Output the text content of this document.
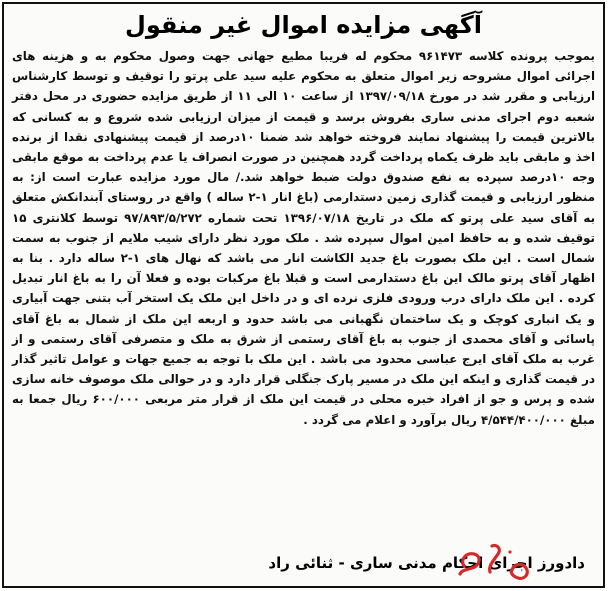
آگهی مزایده اموال غیر منقول
بموجب پرونده کلاسه ۹۶۱۴۷۳ محکوم له فریبا مطیع جهانی جهت وصول محکوم به و هزینه های اجرائی اموال مشروحه زیر اموال متعلق به محکوم علیه سید علی پرتو را توقیف و توسط کارشناس ارزیابی و مقرر شد در مورخ ۱۳۹۷/۰۹/۱۸ از ساعت ۱۰ الی ۱۱ از طریق مزایده حضوری در محل دفتر شعبه دوم اجرای مدنی ساری بفروش برسد و قیمت از میزان ارزیابی شده شروع و به کسانی که بالاترین قیمت را پیشنهاد نمایند فروخته خواهد شد ضمنا ۱۰درصد از قیمت پیشنهادی نقدا از برنده اخذ و مابقی باید ظرف یکماه پرداخت گردد همچنین در صورت انصراف یا عدم پرداخت به موقع مابقی وجه ۱۰درصد سپرده به نفع صندوق دولت ضبط خواهد شد./ مال مورد مزایده عبارت است از: به منظور ارزیابی و قیمت گذاری زمین دستدارمی (باغ انار ۱-۲ ساله ) واقع در روستای آبندانکش متعلق به آقای سید علی پرتو که ملک در تاریخ ۱۳۹۶/۰۷/۱۸ تحت شماره ۹۷/۸۹۳/۵/۲۷۲ توسط کلانتری ۱۵ توقیف شده و به حافظ امین اموال سپرده شد . ملک مورد نظر دارای شیب ملایم از جنوب به سمت شمال است . این ملک بصورت باغ جدید الکاشت انار می باشد که نهال های ۱-۲ ساله دارد . بنا به اظهار آقای پرتو مالک این باغ دستدارمی است و قبلا باغ مرکبات بوده و فعلا آن را به باغ انار تبدیل کرده . این ملک دارای درب ورودی فلزی نرده ای و در داخل این ملک یک استخر آب بتنی جهت آبیاری و یک انباری کوچک و یک ساختمان نگهبانی می باشد حدود و اربعه این ملک از شمال به باغ آقای پاسائی و آقای محمدی از جنوب به باغ آقای رستمی از شرق به ملک و متصرفی آقای رستمی و از غرب به ملک آقای ایرج عباسی محدود می باشد . این ملک با توجه به جمیع جهات و عوامل تاثیر گذار در قیمت گذاری و اینکه این ملک در مسیر پارک جنگلی قرار دارد و در حوالی ملک موصوف خانه سازی شده و پرس و جو از افراد خبره محلی در قیمت این ملک از قرار متر مربعی ۶۰۰/۰۰۰ ریال جمعا به مبلغ ۴/۵۴۴/۴۰۰/۰۰۰ ریال برآورد و اعلام می گردد .
دادورز اجرای احکام مدنی ساری - ثنائی راد
